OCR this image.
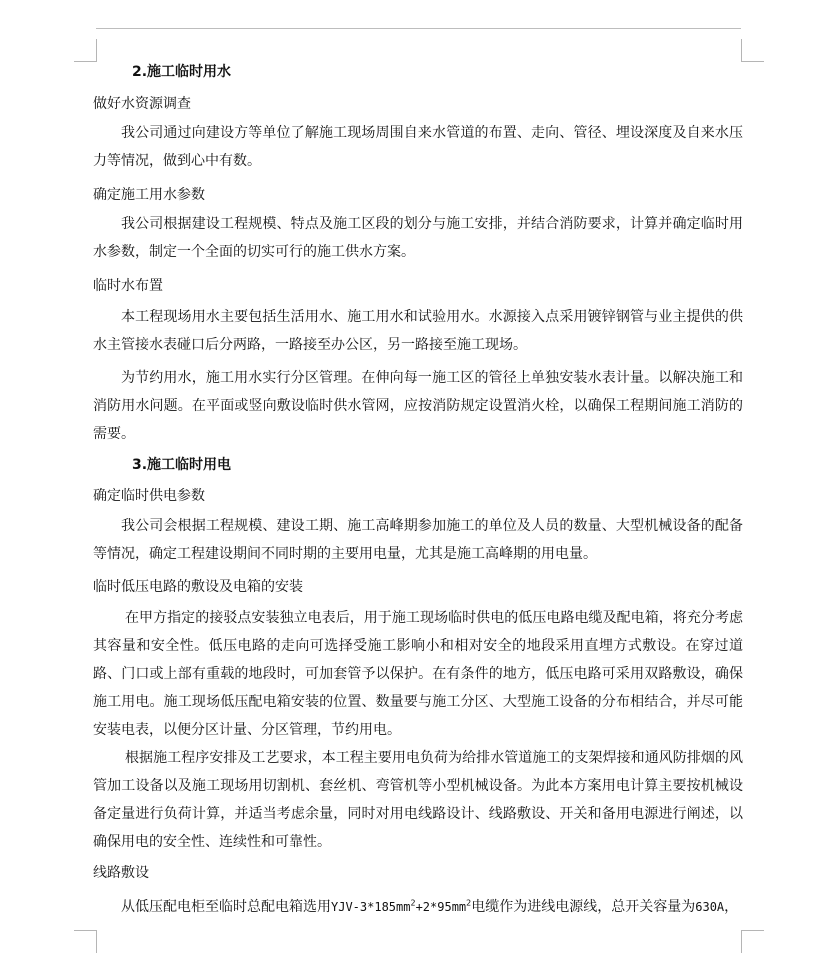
2.施工临时用水
做好水资源调查

我公司通过向建设方等单位了解施工现场周围自来水管道的布置、走向、管径、埋设深度及自来水压力等情况，做到心中有数。

确定施工用水参数

我公司根据建设工程规模、特点及施工区段的划分与施工安排，并结合消防要求，计算并确定临时用水参数，制定一个全面的切实可行的施工供水方案。

临时水布置

本工程现场用水主要包括生活用水、施工用水和试验用水。水源接入点采用镀锌钢管与业主提供的供水主管接水表碰口后分两路，一路接至办公区，另一路接至施工现场。

为节约用水，施工用水实行分区管理。在伸向每一施工区的管径上单独安装水表计量。以解决施工和消防用水问题。在平面或竖向敷设临时供水管网，应按消防规定设置消火栓，以确保工程期间施工消防的需要。

3.施工临时用电
确定临时供电参数

我公司会根据工程规模、建设工期、施工高峰期参加施工的单位及人员的数量、大型机械设备的配备等情况，确定工程建设期间不同时期的主要用电量，尤其是施工高峰期的用电量。

临时低压电路的敷设及电箱的安装

在甲方指定的接驳点安装独立电表后，用于施工现场临时供电的低压电路电缆及配电箱，将充分考虑其容量和安全性。低压电路的走向可选择受施工影响小和相对安全的地段采用直埋方式敷设。在穿过道路、门口或上部有重载的地段时，可加套管予以保护。在有条件的地方，低压电路可采用双路敷设，确保施工用电。施工现场低压配电箱安装的位置、数量要与施工分区、大型施工设备的分布相结合，并尽可能安装电表，以便分区计量、分区管理，节约用电。

根据施工程序安排及工艺要求，本工程主要用电负荷为给排水管道施工的支架焊接和通风防排烟的风管加工设备以及施工现场用切割机、套丝机、弯管机等小型机械设备。为此本方案用电计算主要按机械设备定量进行负荷计算，并适当考虑余量，同时对用电线路设计、线路敷设、开关和备用电源进行阐述，以确保用电的安全性、连续性和可靠性。

线路敷设

从低压配电柜至临时总配电箱选用YJV-$3*185mm^2+2*95mm^2$电缆作为进线电源线，总开关容量为630A，
